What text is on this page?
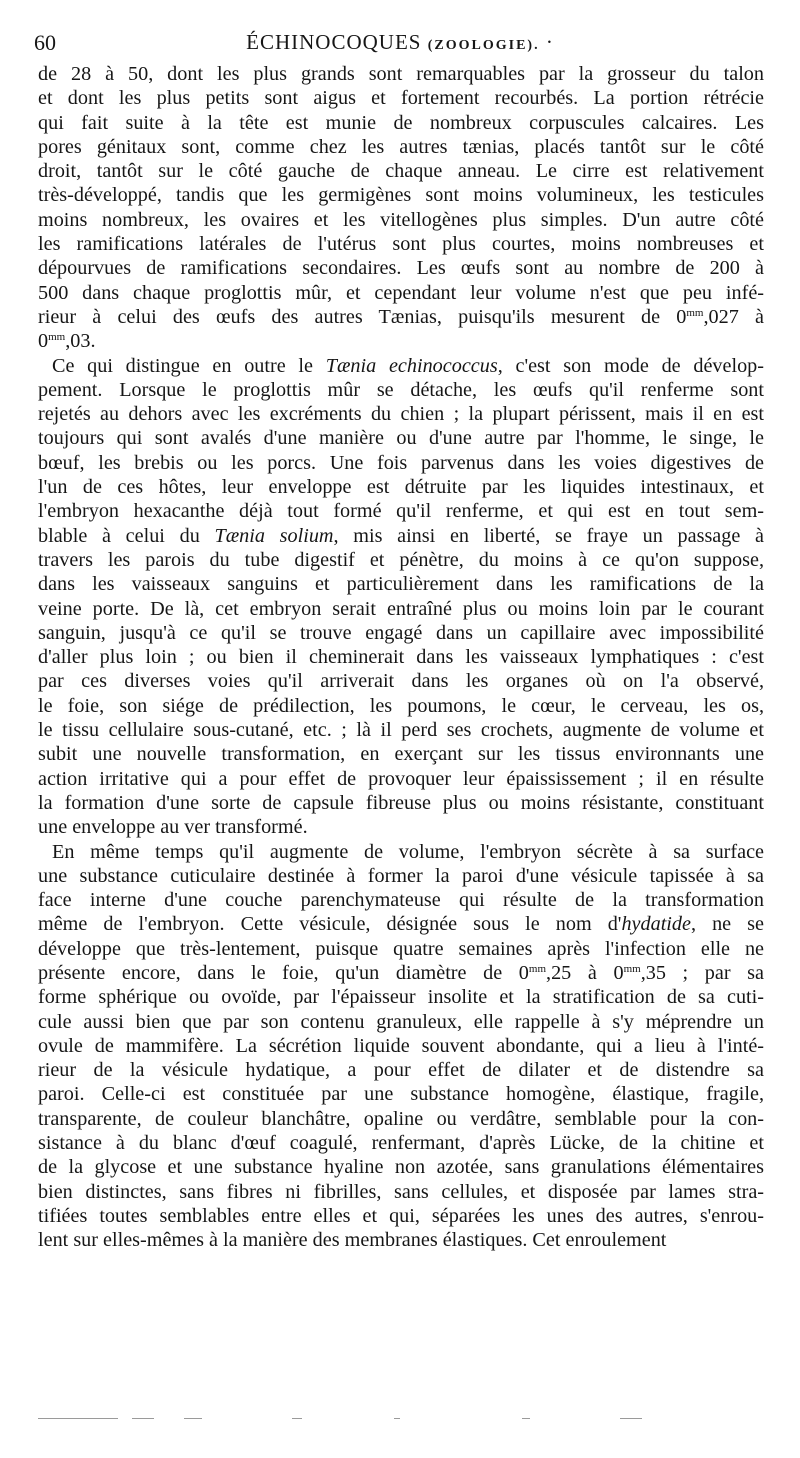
60	ÉCHINOCOQUES (ZOOLOGIE). ·
de 28 à 50, dont les plus grands sont remarquables par la grosseur du talon
et dont les plus petits sont aigus et fortement recourbés. La portion rétrécie
qui fait suite à la tête est munie de nombreux corpuscules calcaires. Les
pores génitaux sont, comme chez les autres tænias, placés tantôt sur le côté
droit, tantôt sur le côté gauche de chaque anneau. Le cirre est relativement
très-développé, tandis que les germigènes sont moins volumineux, les testicules
moins nombreux, les ovaires et les vitellogènes plus simples. D'un autre côté
les ramifications latérales de l'utérus sont plus courtes, moins nombreuses et
dépourvues de ramifications secondaires. Les œufs sont au nombre de 200 à
500 dans chaque proglottis mûr, et cependant leur volume n'est que peu infé-
rieur à celui des œufs des autres Tænias, puisqu'ils mesurent de $0^{mm},027$ à
$0^{mm},03$.
Ce qui distingue en outre le Tænia echinococcus, c'est son mode de dévelop-
pement. Lorsque le proglottis mûr se détache, les œufs qu'il renferme sont
rejetés au dehors avec les excréments du chien ; la plupart périssent, mais il en est
toujours qui sont avalés d'une manière ou d'une autre par l'homme, le singe, le
bœuf, les brebis ou les porcs. Une fois parvenus dans les voies digestives de
l'un de ces hôtes, leur enveloppe est détruite par les liquides intestinaux, et
l'embryon hexacanthe déjà tout formé qu'il renferme, et qui est en tout sem-
blable à celui du Tænia solium, mis ainsi en liberté, se fraye un passage à
travers les parois du tube digestif et pénètre, du moins à ce qu'on suppose,
dans les vaisseaux sanguins et particulièrement dans les ramifications de la
veine porte. De là, cet embryon serait entraîné plus ou moins loin par le courant
sanguin, jusqu'à ce qu'il se trouve engagé dans un capillaire avec impossibilité
d'aller plus loin ; ou bien il cheminerait dans les vaisseaux lymphatiques : c'est
par ces diverses voies qu'il arriverait dans les organes où on l'a observé,
le foie, son siége de prédilection, les poumons, le cœur, le cerveau, les os,
le tissu cellulaire sous-cutané, etc. ; là il perd ses crochets, augmente de volume et
subit une nouvelle transformation, en exerçant sur les tissus environnants une
action irritative qui a pour effet de provoquer leur épaississement ; il en résulte
la formation d'une sorte de capsule fibreuse plus ou moins résistante, constituant
une enveloppe au ver transformé.
En même temps qu'il augmente de volume, l'embryon sécrète à sa surface
une substance cuticulaire destinée à former la paroi d'une vésicule tapissée à sa
face interne d'une couche parenchymateuse qui résulte de la transformation
même de l'embryon. Cette vésicule, désignée sous le nom d'hydatide, ne se
développe que très-lentement, puisque quatre semaines après l'infection elle ne
présente encore, dans le foie, qu'un diamètre de $0^{mm},25$ à $0^{mm},35$ ; par sa
forme sphérique ou ovoïde, par l'épaisseur insolite et la stratification de sa cuti-
cule aussi bien que par son contenu granuleux, elle rappelle à s'y méprendre un
ovule de mammifère. La sécrétion liquide souvent abondante, qui a lieu à l'inté-
rieur de la vésicule hydatique, a pour effet de dilater et de distendre sa
paroi. Celle-ci est constituée par une substance homogène, élastique, fragile,
transparente, de couleur blanchâtre, opaline ou verdâtre, semblable pour la con-
sistance à du blanc d'œuf coagulé, renfermant, d'après Lücke, de la chitine et
de la glycose et une substance hyaline non azotée, sans granulations élémentaires
bien distinctes, sans fibres ni fibrilles, sans cellules, et disposée par lames stra-
tifiées toutes semblables entre elles et qui, séparées les unes des autres, s'enrou-
lent sur elles-mêmes à la manière des membranes élastiques. Cet enroulement
